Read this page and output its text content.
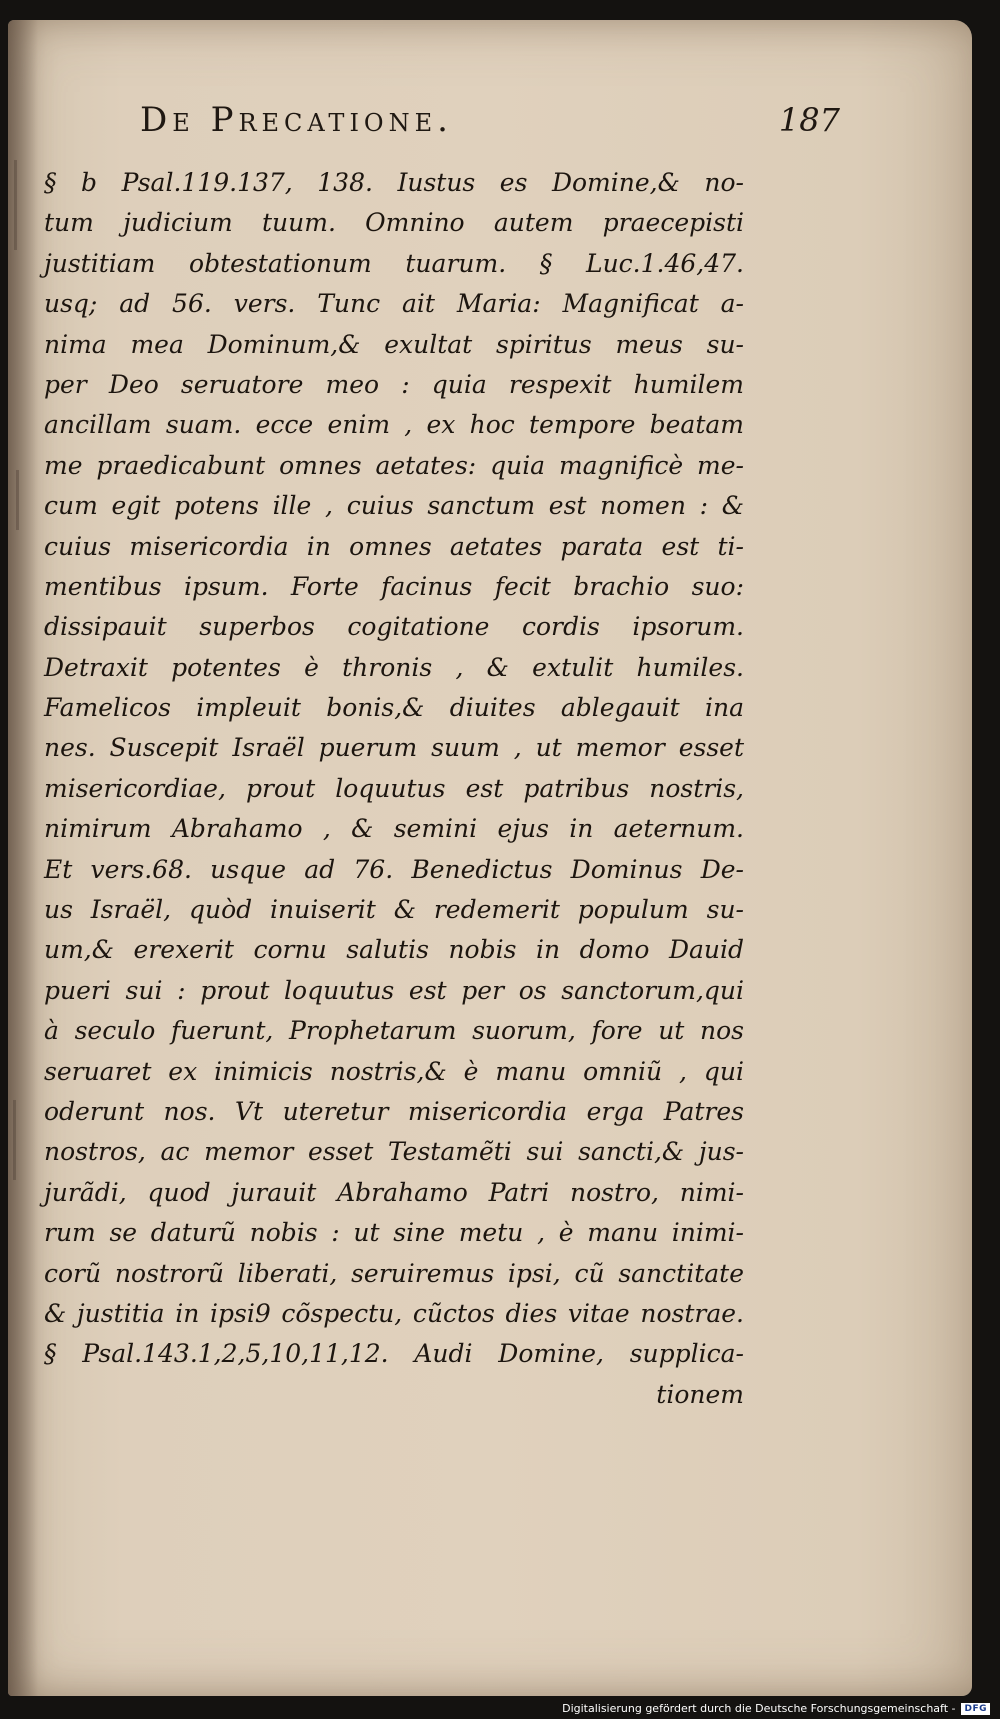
De Precatione.	187
§ b Psal.119.137, 138. Iustus es Domine,& no-
tum judicium tuum. Omnino autem praecepisti
justitiam obtestationum tuarum. § Luc.1.46,47.
usq; ad 56. vers. Tunc ait Maria: Magnificat a-
nima mea Dominum,& exultat spiritus meus su-
per Deo seruatore meo : quia respexit humilem
ancillam suam. ecce enim , ex hoc tempore beatam
me praedicabunt omnes aetates: quia magnificè me-
cum egit potens ille , cuius sanctum est nomen : &
cuius misericordia in omnes aetates parata est ti-
mentibus ipsum. Forte facinus fecit brachio suo:
dissipauit superbos cogitatione cordis ipsorum.
Detraxit potentes è thronis , & extulit humiles.
Famelicos impleuit bonis,& diuites ablegauit ina
nes. Suscepit Israël puerum suum , ut memor esset
misericordiae, prout loquutus est patribus nostris,
nimirum Abrahamo , & semini ejus in aeternum.
Et vers.68. usque ad 76. Benedictus Dominus De-
us Israël, quòd inuiserit & redemerit populum su-
um,& erexerit cornu salutis nobis in domo Dauid
pueri sui : prout loquutus est per os sanctorum,qui
à seculo fuerunt, Prophetarum suorum, fore ut nos
seruaret ex inimicis nostris,& è manu omniũ , qui
oderunt nos. Vt uteretur misericordia erga Patres
nostros, ac memor esset Testamẽti sui sancti,& jus-
jurãdi, quod jurauit Abrahamo Patri nostro, nimi-
rum se daturũ nobis : ut sine metu , è manu inimi-
corũ nostrorũ liberati, seruiremus ipsi, cũ sanctitate
& justitia in ipsi9 cõspectu, cũctos dies vitae nostrae.
§ Psal.143.1,2,5,10,11,12. Audi Domine, supplica-
tionem
Digitalisierung gefördert durch die Deutsche Forschungsgemeinschaft -	DFG
